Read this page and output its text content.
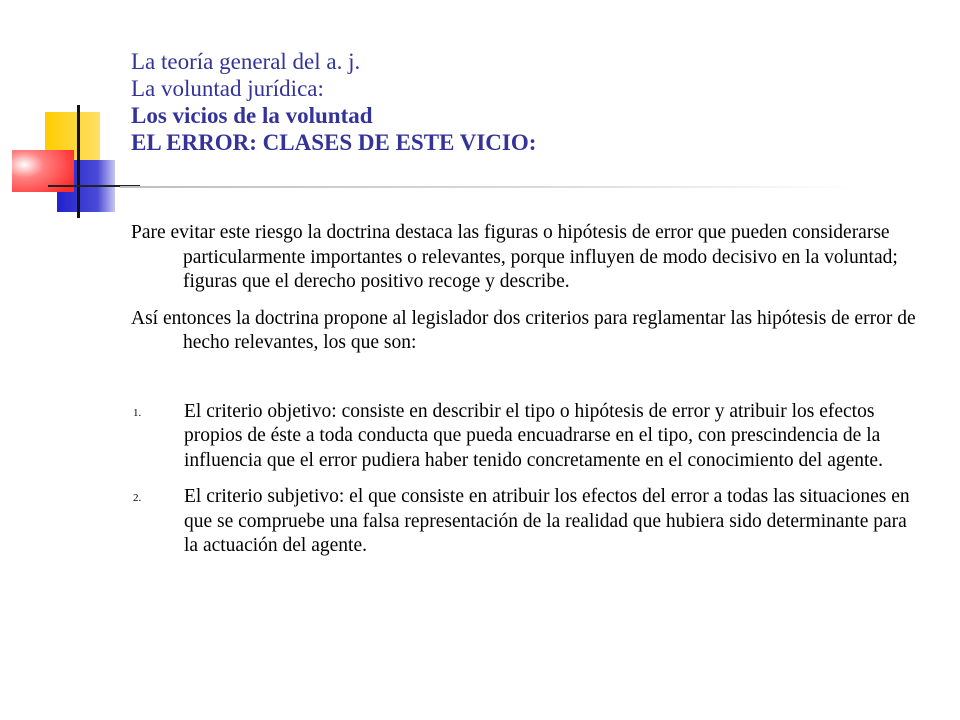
La teoría general del a. j.
La voluntad jurídica:
Los vicios de la voluntad
EL ERROR: CLASES DE ESTE VICIO:
Pare evitar este riesgo la doctrina destaca las figuras o hipótesis de error que pueden considerarse particularmente importantes o relevantes, porque influyen de modo decisivo en la voluntad; figuras que el derecho positivo recoge y describe.
Así entonces la doctrina propone al legislador dos criterios para reglamentar las hipótesis de error de hecho relevantes, los que son:
1. El criterio objetivo: consiste en describir el tipo o hipótesis de error y atribuir los efectos propios de éste a toda conducta que pueda encuadrarse en el tipo, con prescindencia de la influencia que el error pudiera haber tenido concretamente en el conocimiento del agente.
2. El criterio subjetivo: el que consiste en atribuir los efectos del error a todas las situaciones en que se compruebe una falsa representación de la realidad que hubiera sido determinante para la actuación del agente.
